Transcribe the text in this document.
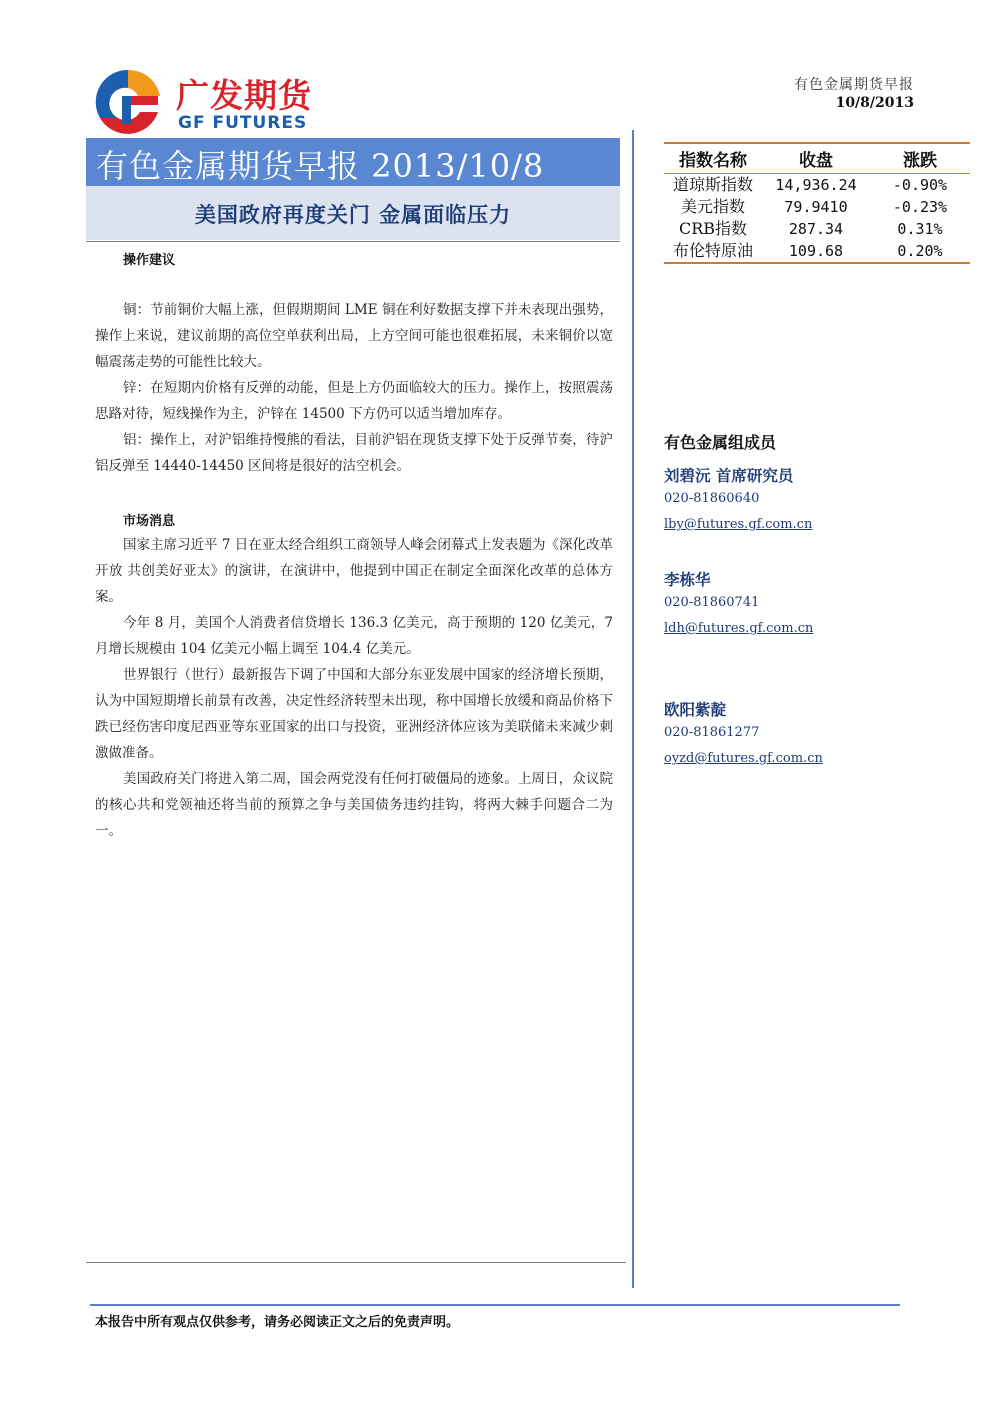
广发期货
GF FUTURES
有色金属期货早报
10/8/2013
有色金属期货早报 2013/10/8
美国政府再度关门 金属面临压力
指数名称	收盘	涨跌
道琼斯指数	14,936.24	-0.90%
美元指数	79.9410	-0.23%
CRB指数	287.34	0.31%
布伦特原油	109.68	0.20%
操作建议
铜：节前铜价大幅上涨，但假期期间 LME 铜在利好数据支撑下并未表现出强势，操作上来说，建议前期的高位空单获利出局，上方空间可能也很难拓展，未来铜价以宽幅震荡走势的可能性比较大。
锌：在短期内价格有反弹的动能，但是上方仍面临较大的压力。操作上，按照震荡思路对待，短线操作为主，沪锌在 14500 下方仍可以适当增加库存。
铝：操作上，对沪铝维持慢熊的看法，目前沪铝在现货支撑下处于反弹节奏，待沪铝反弹至 14440-14450 区间将是很好的沽空机会。
市场消息
国家主席习近平 7 日在亚太经合组织工商领导人峰会闭幕式上发表题为《深化改革开放 共创美好亚太》的演讲，在演讲中，他提到中国正在制定全面深化改革的总体方案。
今年 8 月，美国个人消费者信贷增长 136.3 亿美元，高于预期的 120 亿美元，7 月增长规模由 104 亿美元小幅上调至 104.4 亿美元。
世界银行（世行）最新报告下调了中国和大部分东亚发展中国家的经济增长预期，认为中国短期增长前景有改善，决定性经济转型未出现，称中国增长放缓和商品价格下跌已经伤害印度尼西亚等东亚国家的出口与投资，亚洲经济体应该为美联储未来减少刺激做准备。
美国政府关门将进入第二周，国会两党没有任何打破僵局的迹象。上周日，众议院的核心共和党领袖还将当前的预算之争与美国债务违约挂钩，将两大棘手问题合二为一。
有色金属组成员
刘碧沅 首席研究员
020-81860640
lby@futures.gf.com.cn
李栋华
020-81860741
ldh@futures.gf.com.cn
欧阳紫靛
020-81861277
oyzd@futures.gf.com.cn
本报告中所有观点仅供参考，请务必阅读正文之后的免责声明。
